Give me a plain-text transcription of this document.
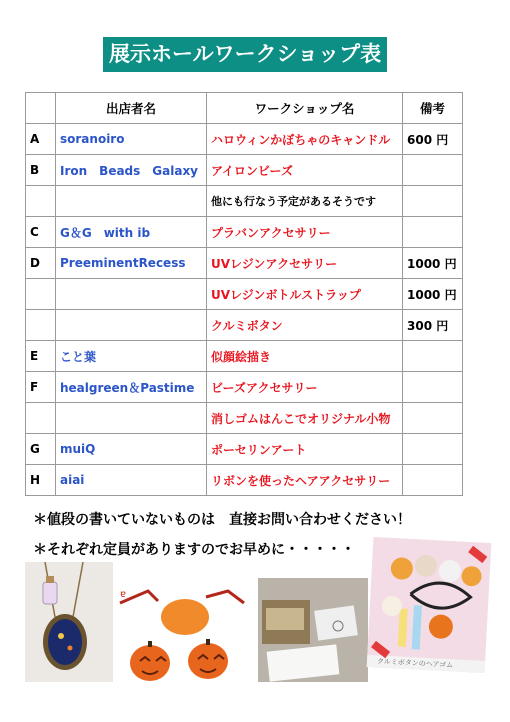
展示ホールワークショップ表
	出店者名	ワークショップ名	備考
A	soranoiro	ハロウィンかぼちゃのキャンドル	600 円
B	Iron　Beads　Galaxy	アイロンビーズ	
		他にも行なう予定があるそうです	
C	G＆G　with ib	プラバンアクセサリー	
D	PreeminentRecess	UVレジンアクセサリー	1000 円
		UVレジンボトルストラップ	1000 円
		クルミボタン	300 円
E	こと葉	似顔絵描き	
F	healgreen＆Pastime	ビーズアクセサリー	
		消しゴムはんこでオリジナル小物	
G	muiQ	ポーセリンアート	
H	aiai	リボンを使ったヘアアクセサリー	
＊値段の書いていないものは　直接お問い合わせください！
＊それぞれ定員がありますのでお早めに・・・・・
ɐ
クルミボタンのヘアゴム
